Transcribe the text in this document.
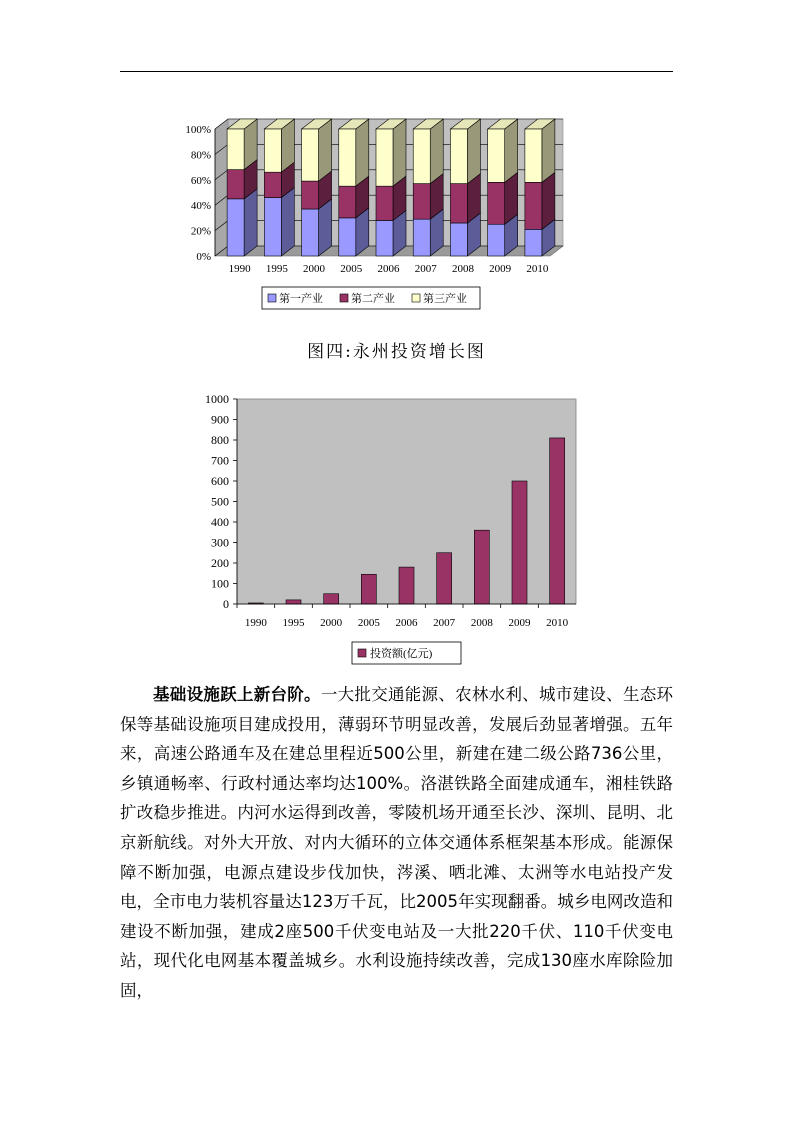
0%
20%
40%
60%
80%
100%
1990 1995 2000 2005 2006 2007 2008 2009 2010
第一产业	第二产业	第三产业
图四:永州投资增长图
0
100
200
300
400
500
600
700
800
900
1000
1990 1995 2000 2005 2006 2007 2008 2009 2010
投资额(亿元)
基础设施跃上新台阶。一大批交通能源、农林水利、城市建设、生态环保等基础设施项目建成投用，薄弱环节明显改善，发展后劲显著增强。五年来，高速公路通车及在建总里程近500公里，新建在建二级公路736公里，乡镇通畅率、行政村通达率均达100%。洛湛铁路全面建成通车，湘桂铁路扩改稳步推进。内河水运得到改善，零陵机场开通至长沙、深圳、昆明、北京新航线。对外大开放、对内大循环的立体交通体系框架基本形成。能源保障不断加强，电源点建设步伐加快，涔溪、哂北滩、太洲等水电站投产发电，全市电力装机容量达123万千瓦，比2005年实现翻番。城乡电网改造和建设不断加强，建成2座500千伏变电站及一大批220千伏、110千伏变电站，现代化电网基本覆盖城乡。水利设施持续改善，完成130座水库除险加固，
